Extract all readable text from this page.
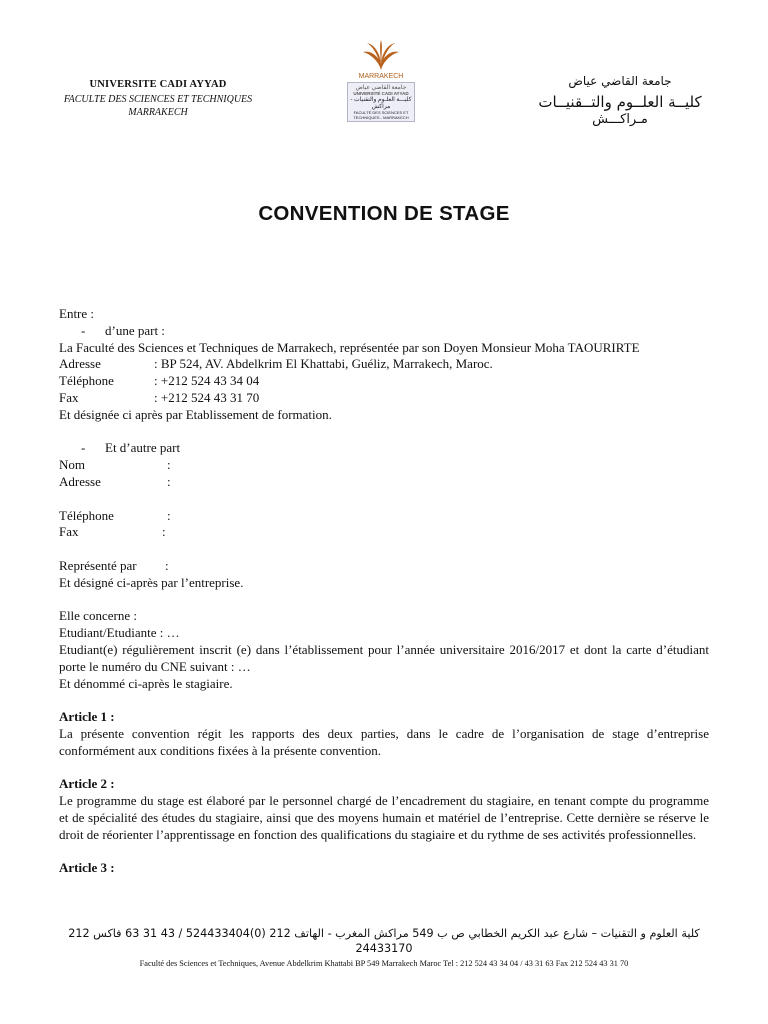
UNIVERSITE CADI AYYAD
FACULTE DES SCIENCES ET TECHNIQUES
MARRAKECH
MARRAKECH
جامعة القاضي عياض
UNIVERSITÉ CADI AYYAD
كليـــة العلـوم والتقنيات - مراكش
FACULTÉ DES SCIENCES ET TECHNIQUES - MARRAKECH
جامعة القاضي عياض
كليــة العلــوم والتــقنيــات
مـراكـــش
CONVENTION DE STAGE

Entre :

- d’une part :

La Faculté des Sciences et Techniques de Marrakech, représentée par son Doyen Monsieur Moha TAOURIRTE

Adresse	: BP 524, AV. Abdelkrim El Khattabi, Guéliz, Marrakech, Maroc.

Téléphone	: +212 524 43 34 04

Fax	: +212 524 43 31 70

Et désignée ci après par Etablissement de formation.

- Et d’autre part

Nom	:

Adresse	:

Téléphone	:

Fax	:

Représenté par :

Et désigné ci-après par l’entreprise.

Elle concerne :

Etudiant/Etudiante : …

Etudiant(e) régulièrement inscrit (e) dans l’établissement pour l’année universitaire 2016/2017 et dont la carte d’étudiant porte le numéro du CNE suivant : …

Et dénommé ci-après le stagiaire.

Article 1 :

La présente convention régit les rapports des deux parties, dans le cadre de l’organisation de stage d’entreprise conformément aux conditions fixées à la présente convention.

Article 2 :

Le programme du stage est élaboré par le personnel chargé de l’encadrement du stagiaire, en tenant compte du programme et de spécialité des études du stagiaire, ainsi que des moyens humain et matériel de l’entreprise. Cette dernière se réserve le droit de réorienter l’apprentissage en fonction des qualifications du stagiaire et du rythme de ses activités professionnelles.

Article 3 :

كلية العلوم و التقنيات – شارع عبد الكريم الخطابي ص ب 549 مراكش المغرب - الهاتف 212 (0)524433404 / 43 31 63 فاكس 212 24433170
Faculté des Sciences et Techniques, Avenue Abdelkrim Khattabi BP 549 Marrakech Maroc Tel : 212 524 43 34 04 / 43 31 63 Fax 212 524 43 31 70
